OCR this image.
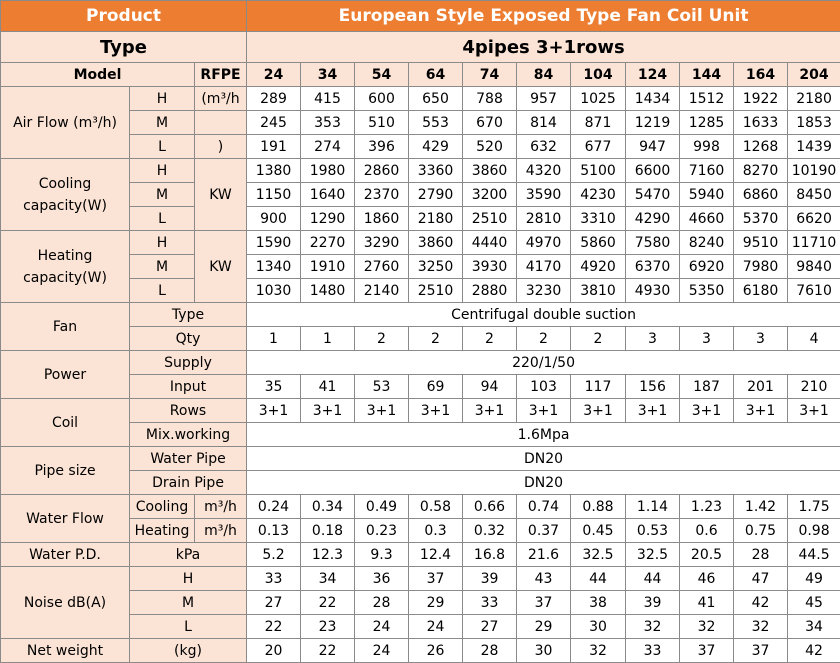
Product			European Style Exposed Type Fan Coil Unit										
Type			4pipes 3+1rows										
Model		RFPE	24	34	54	64	74	84	104	124	144	164	204
Air Flow (m³/h)	H	(m³/h	289	415	600	650	788	957	1025	1434	1512	1922	2180
	M		245	353	510	553	670	814	871	1219	1285	1633	1853
	L	)	191	274	396	429	520	632	677	947	998	1268	1439
Cooling
capacity(W)	H	KW	1380	1980	2860	3360	3860	4320	5100	6600	7160	8270	10190
	M		1150	1640	2370	2790	3200	3590	4230	5470	5940	6860	8450
	L		900	1290	1860	2180	2510	2810	3310	4290	4660	5370	6620
Heating
capacity(W)	H	KW	1590	2270	3290	3860	4440	4970	5860	7580	8240	9510	11710
	M		1340	1910	2760	3250	3930	4170	4920	6370	6920	7980	9840
	L		1030	1480	2140	2510	2880	3230	3810	4930	5350	6180	7610
Fan	Type		Centrifugal double suction										
	Qty		1	1	2	2	2	2	2	3	3	3	4
Power	Supply		220/1/50										
	Input		35	41	53	69	94	103	117	156	187	201	210
Coil	Rows		3+1	3+1	3+1	3+1	3+1	3+1	3+1	3+1	3+1	3+1	3+1
	Mix.working		1.6Mpa										
Pipe size	Water Pipe		DN20										
	Drain Pipe		DN20										
Water Flow	Cooling	m³/h	0.24	0.34	0.49	0.58	0.66	0.74	0.88	1.14	1.23	1.42	1.75
	Heating	m³/h	0.13	0.18	0.23	0.3	0.32	0.37	0.45	0.53	0.6	0.75	0.98
Water P.D.	kPa		5.2	12.3	9.3	12.4	16.8	21.6	32.5	32.5	20.5	28	44.5
Noise dB(A)	H		33	34	36	37	39	43	44	44	46	47	49
	M		27	22	28	29	33	37	38	39	41	42	45
	L		22	23	24	24	27	29	30	32	32	32	34
Net weight	(kg)		20	22	24	26	28	30	32	33	37	37	42
